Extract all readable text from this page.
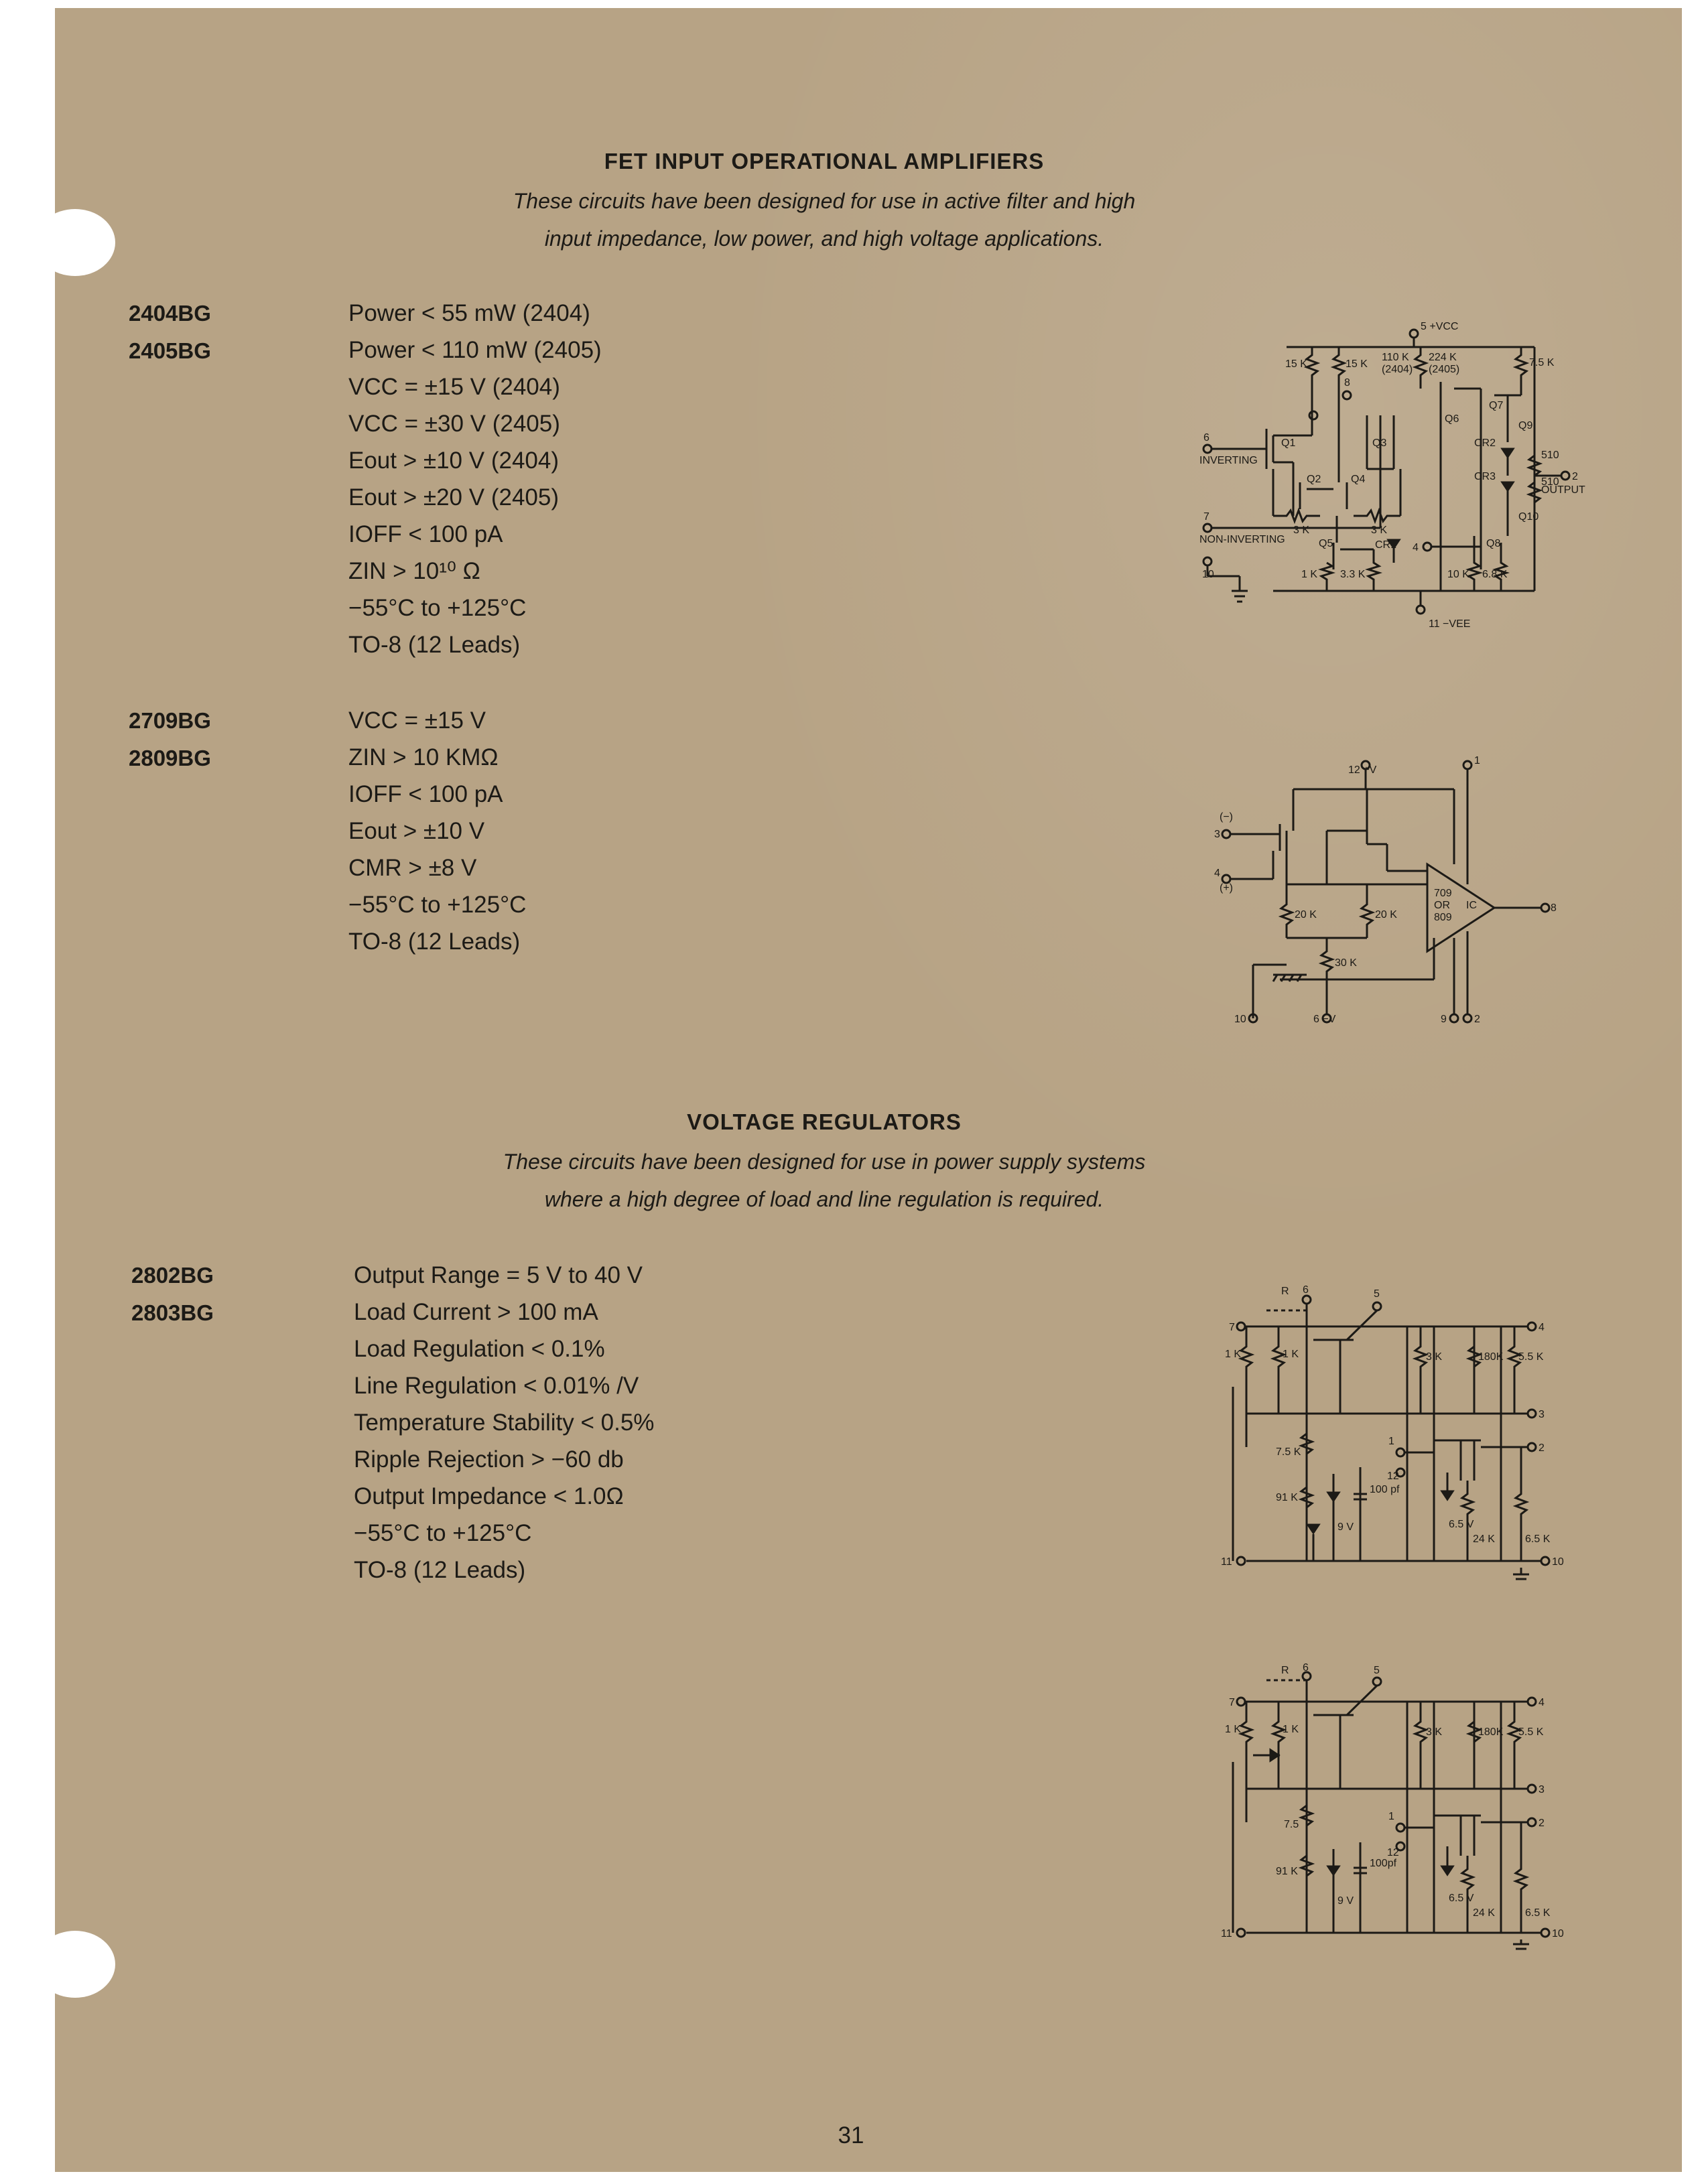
FET INPUT OPERATIONAL AMPLIFIERS
These circuits have been designed for use in active filter and high
input impedance, low power, and high voltage applications.
2404BG
2405BG
Power < 55 mW (2404)
Power < 110 mW (2405)
VCC = ±15 V (2404)
VCC = ±30 V (2405)
Eout > ±10 V (2404)
Eout > ±20 V (2405)
IOFF < 100 pA
ZIN > 10¹⁰ Ω
−55°C to +125°C
TO-8 (12 Leads)
2709BG
2809BG
VCC = ±15 V
ZIN > 10 KMΩ
IOFF < 100 pA
Eout > ±10 V
CMR > ±8 V
−55°C to +125°C
TO-8 (12 Leads)
VOLTAGE REGULATORS
These circuits have been designed for use in power supply systems
where a high degree of load and line regulation is required.
2802BG
2803BG
Output Range = 5 V to 40 V
Load Current > 100 mA
Load Regulation < 0.1%
Line Regulation < 0.01% /V
Temperature Stability < 0.5%
Ripple Rejection > −60 db
Output Impedance < 1.0Ω
−55°C to +125°C
TO-8 (12 Leads)
5 +VCC
11 −VEE
6
INVERTING
7
NON-INVERTING
10
2
OUTPUT
8
4
15 K	15 K
110 K
(2404)
224 K
(2405)
7.5 K
3 K	3 K
1 K 3.3 K	10 K 6.8 K
510
510
Q1
Q2
Q3
Q4
Q5
Q6
Q7
Q8
Q9
Q10
CR1
CR2
CR3
12 +V
1
3
(−)
4
(+)
8
10	6 −V	9	2
709
OR
809
IC
20 K	20 K
30 K
R 6
7
5
4
3
2
1
12
11	10
1 K	1 K	3 K	180K 5.5 K
7.5 K
91 K
24 K	6.5 K
100 pf
9 V	6.5 V
R 6
7
5
4
3
2
1
12
11	10
1 K	1 K	3 K	180K 5.5 K
7.5
91 K
24 K	6.5 K
100pf
9 V	6.5 V
31
